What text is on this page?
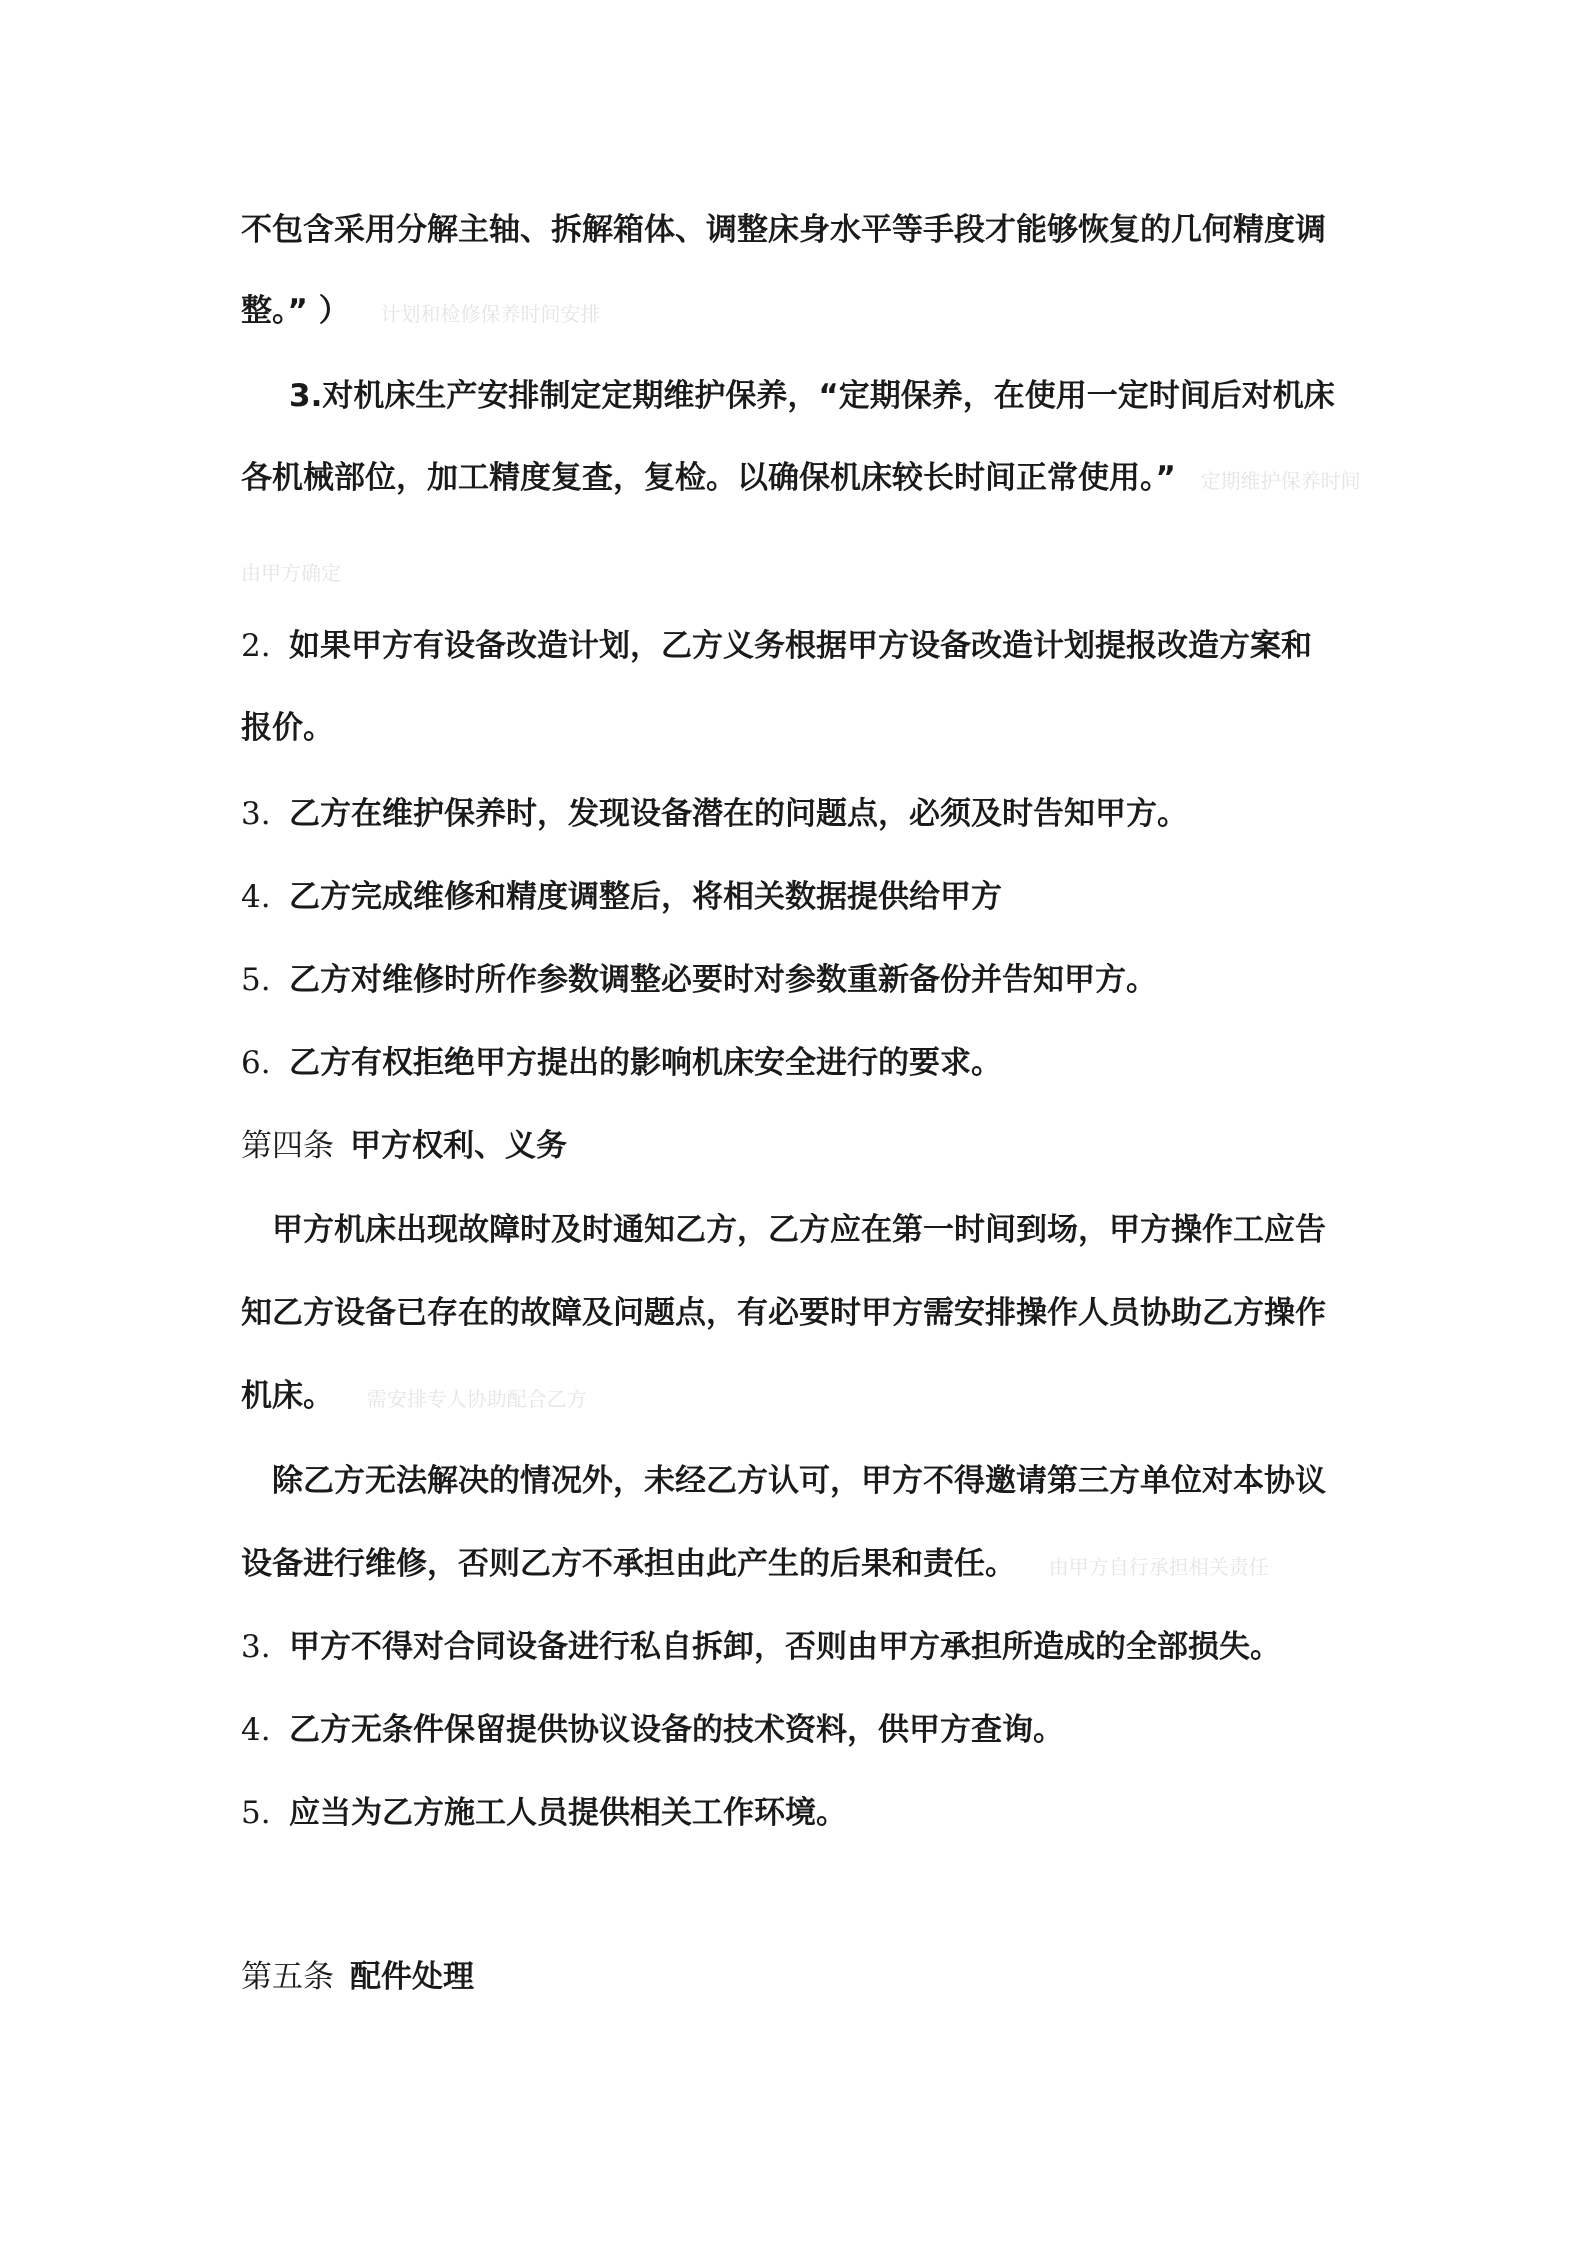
不包含采用分解主轴、拆解箱体、调整床身水平等手段才能够恢复的几何精度调
整。” ） 计划和检修保养时间安排
3.对机床生产安排制定定期维护保养，“定期保养，在使用一定时间后对机床
各机械部位，加工精度复查，复检。以确保机床较长时间正常使用。” 定期维护保养时间
由甲方确定
2. 如果甲方有设备改造计划，乙方义务根据甲方设备改造计划提报改造方案和
报价。
3. 乙方在维护保养时，发现设备潜在的问题点，必须及时告知甲方。
4. 乙方完成维修和精度调整后，将相关数据提供给甲方
5. 乙方对维修时所作参数调整必要时对参数重新备份并告知甲方。
6. 乙方有权拒绝甲方提出的影响机床安全进行的要求。
第四条 甲方权利、义务
甲方机床出现故障时及时通知乙方，乙方应在第一时间到场，甲方操作工应告
知乙方设备已存在的故障及问题点，有必要时甲方需安排操作人员协助乙方操作
机床。 需安排专人协助配合乙方
除乙方无法解决的情况外，未经乙方认可，甲方不得邀请第三方单位对本协议
设备进行维修，否则乙方不承担由此产生的后果和责任。 由甲方自行承担相关责任
3. 甲方不得对合同设备进行私自拆卸，否则由甲方承担所造成的全部损失。
4. 乙方无条件保留提供协议设备的技术资料，供甲方查询。
5. 应当为乙方施工人员提供相关工作环境。
第五条 配件处理
